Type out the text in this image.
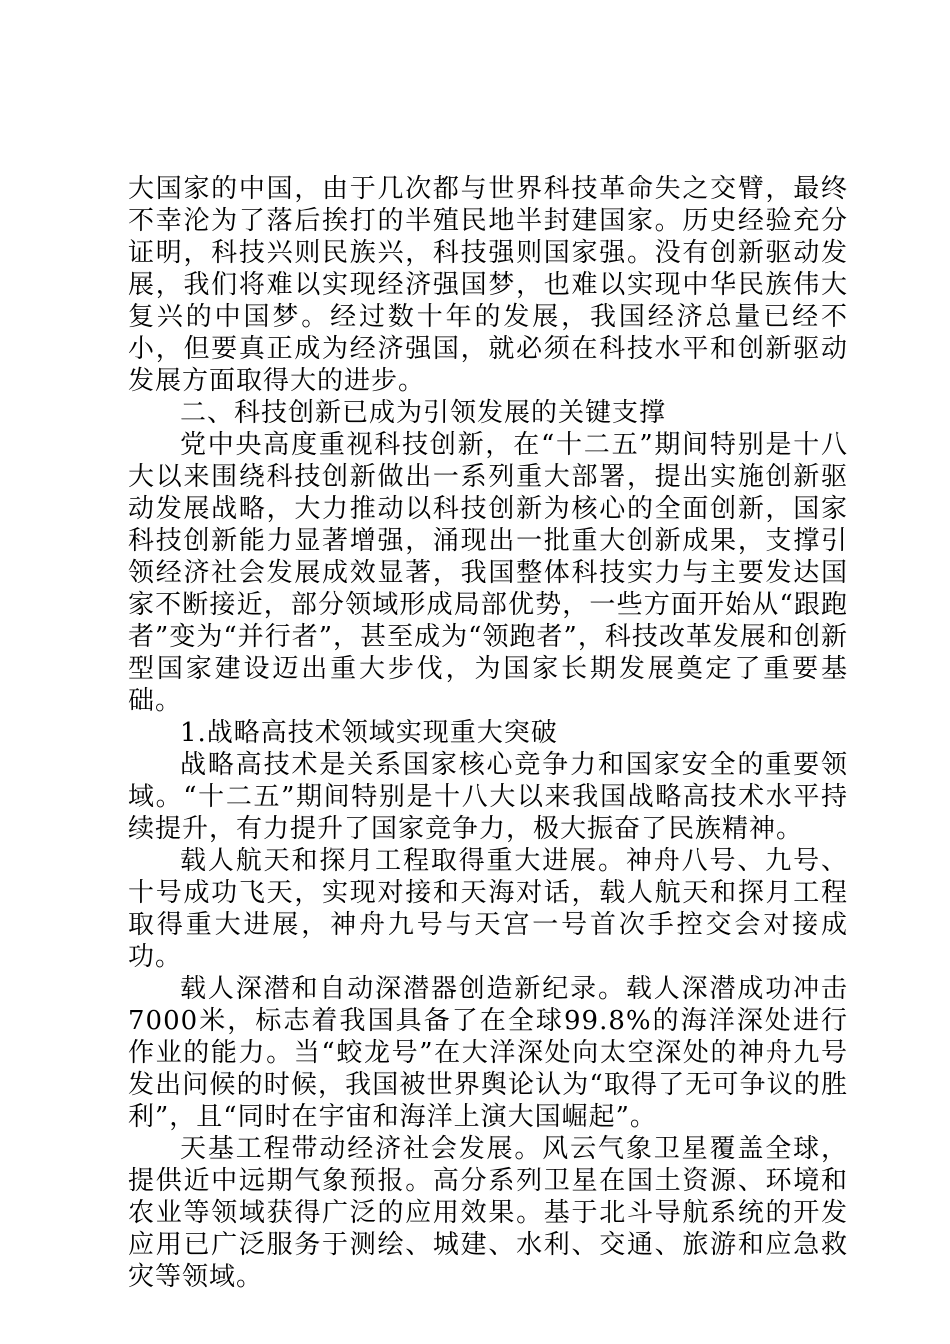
大国家的中国，由于几次都与世界科技革命失之交臂，最终不幸沦为了落后挨打的半殖民地半封建国家。历史经验充分证明，科技兴则民族兴，科技强则国家强。没有创新驱动发展，我们将难以实现经济强国梦，也难以实现中华民族伟大复兴的中国梦。经过数十年的发展，我国经济总量已经不小，但要真正成为经济强国，就必须在科技水平和创新驱动发展方面取得大的进步。

二、科技创新已成为引领发展的关键支撑

党中央高度重视科技创新，在“十二五”期间特别是十八大以来围绕科技创新做出一系列重大部署，提出实施创新驱动发展战略，大力推动以科技创新为核心的全面创新，国家科技创新能力显著增强，涌现出一批重大创新成果，支撑引领经济社会发展成效显著，我国整体科技实力与主要发达国家不断接近，部分领域形成局部优势，一些方面开始从“跟跑者”变为“并行者”，甚至成为“领跑者”，科技改革发展和创新型国家建设迈出重大步伐，为国家长期发展奠定了重要基础。

1.战略高技术领域实现重大突破

战略高技术是关系国家核心竞争力和国家安全的重要领域。“十二五”期间特别是十八大以来我国战略高技术水平持续提升，有力提升了国家竞争力，极大振奋了民族精神。

载人航天和探月工程取得重大进展。神舟八号、九号、十号成功飞天，实现对接和天海对话，载人航天和探月工程取得重大进展，神舟九号与天宫一号首次手控交会对接成功。

载人深潜和自动深潜器创造新纪录。载人深潜成功冲击7000米，标志着我国具备了在全球99.8%的海洋深处进行作业的能力。当“蛟龙号”在大洋深处向太空深处的神舟九号发出问候的时候，我国被世界舆论认为“取得了无可争议的胜利”，且“同时在宇宙和海洋上演大国崛起”。

天基工程带动经济社会发展。风云气象卫星覆盖全球，提供近中远期气象预报。高分系列卫星在国土资源、环境和农业等领域获得广泛的应用效果。基于北斗导航系统的开发应用已广泛服务于测绘、城建、水利、交通、旅游和应急救灾等领域。
